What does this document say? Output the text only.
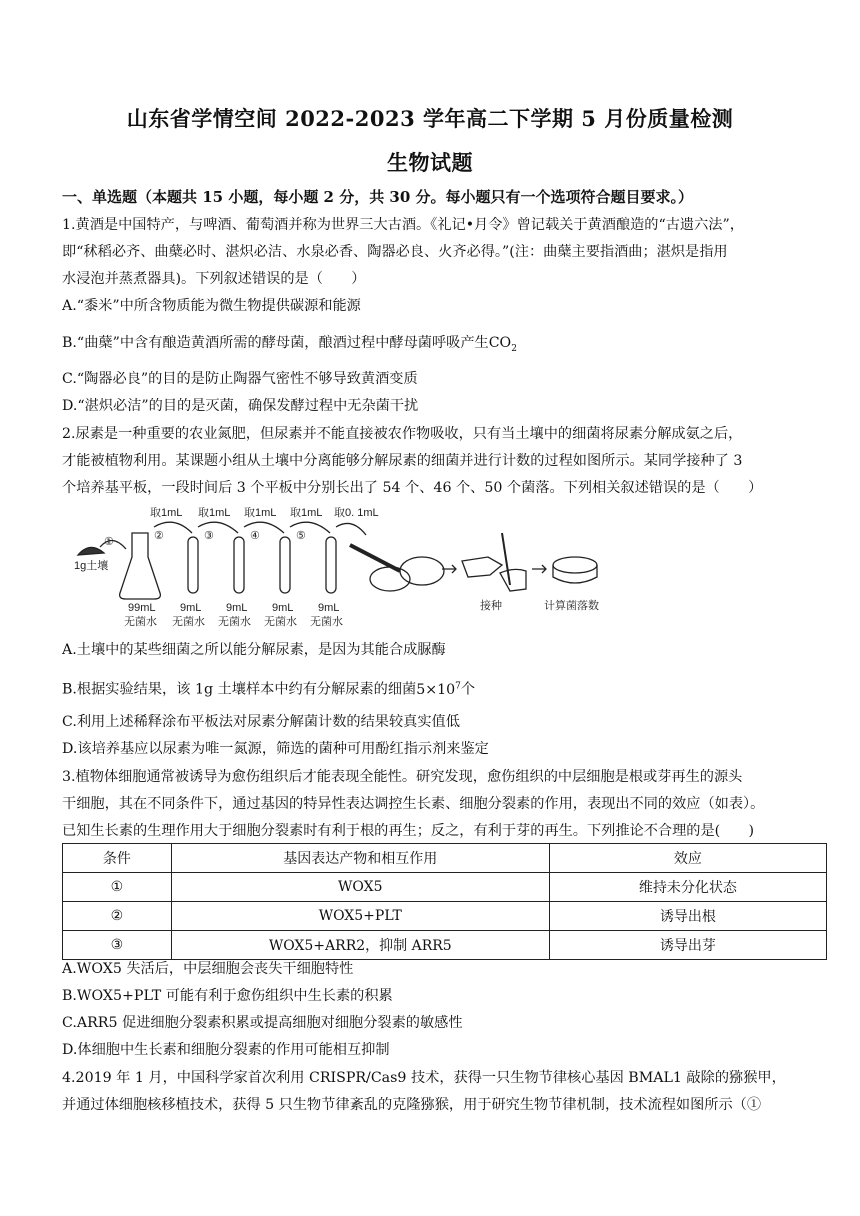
山东省学情空间 2022-2023 学年高二下学期 5 月份质量检测
生物试题
一、单选题（本题共 15 小题，每小题 2 分，共 30 分。每小题只有一个选项符合题目要求。）
1.黄酒是中国特产，与啤酒、葡萄酒并称为世界三大古酒。《礼记•月令》曾记载关于黄酒酿造的“古遗六法”，
即“秫稻必齐、曲蘖必时、湛炽必洁、水泉必香、陶器必良、火齐必得。”(注：曲蘖主要指酒曲；湛炽是指用
水浸泡并蒸煮器具)。下列叙述错误的是（　　）
A.“黍米”中所含物质能为微生物提供碳源和能源
B.“曲蘖”中含有酿造黄酒所需的酵母菌，酿酒过程中酵母菌呼吸产生$CO_2$
C.“陶器必良”的目的是防止陶器气密性不够导致黄酒变质
D.“湛炽必洁”的目的是灭菌，确保发酵过程中无杂菌干扰
2.尿素是一种重要的农业氮肥，但尿素并不能直接被农作物吸收，只有当土壤中的细菌将尿素分解成氨之后，
才能被植物利用。某课题小组从土壤中分离能够分解尿素的细菌并进行计数的过程如图所示。某同学接种了 3
个培养基平板，一段时间后 3 个平板中分别长出了 54 个、46 个、50 个菌落。下列相关叙述错误的是（　　）
1g土壤
①	②	③	④	⑤
取1mL 取1mL 取1mL 取1mL 取0. 1mL
99mL
无菌水
9mL
无菌水
9mL
无菌水
9mL
无菌水
9mL
无菌水
接种	计算菌落数
A.土壤中的某些细菌之所以能分解尿素，是因为其能合成脲酶
B.根据实验结果，该 1g 土壤样本中约有分解尿素的细菌$5\times 10^7$个
C.利用上述稀释涂布平板法对尿素分解菌计数的结果较真实值低
D.该培养基应以尿素为唯一氮源，筛选的菌种可用酚红指示剂来鉴定
3.植物体细胞通常被诱导为愈伤组织后才能表现全能性。研究发现，愈伤组织的中层细胞是根或芽再生的源头
干细胞，其在不同条件下，通过基因的特异性表达调控生长素、细胞分裂素的作用，表现出不同的效应（如表）。
已知生长素的生理作用大于细胞分裂素时有利于根的再生；反之，有利于芽的再生。下列推论不合理的是(　　)
条件	基因表达产物和相互作用	效应
①	WOX5	维持未分化状态
②	WOX5+PLT	诱导出根
③	WOX5+ARR2，抑制 ARR5	诱导出芽
A.WOX5 失活后，中层细胞会丧失干细胞特性
B.WOX5+PLT 可能有利于愈伤组织中生长素的积累
C.ARR5 促进细胞分裂素积累或提高细胞对细胞分裂素的敏感性
D.体细胞中生长素和细胞分裂素的作用可能相互抑制
4.2019 年 1 月，中国科学家首次利用 CRISPR/Cas9 技术，获得一只生物节律核心基因 BMAL1 敲除的猕猴甲，
并通过体细胞核移植技术，获得 5 只生物节律紊乱的克隆猕猴，用于研究生物节律机制，技术流程如图所示（①
